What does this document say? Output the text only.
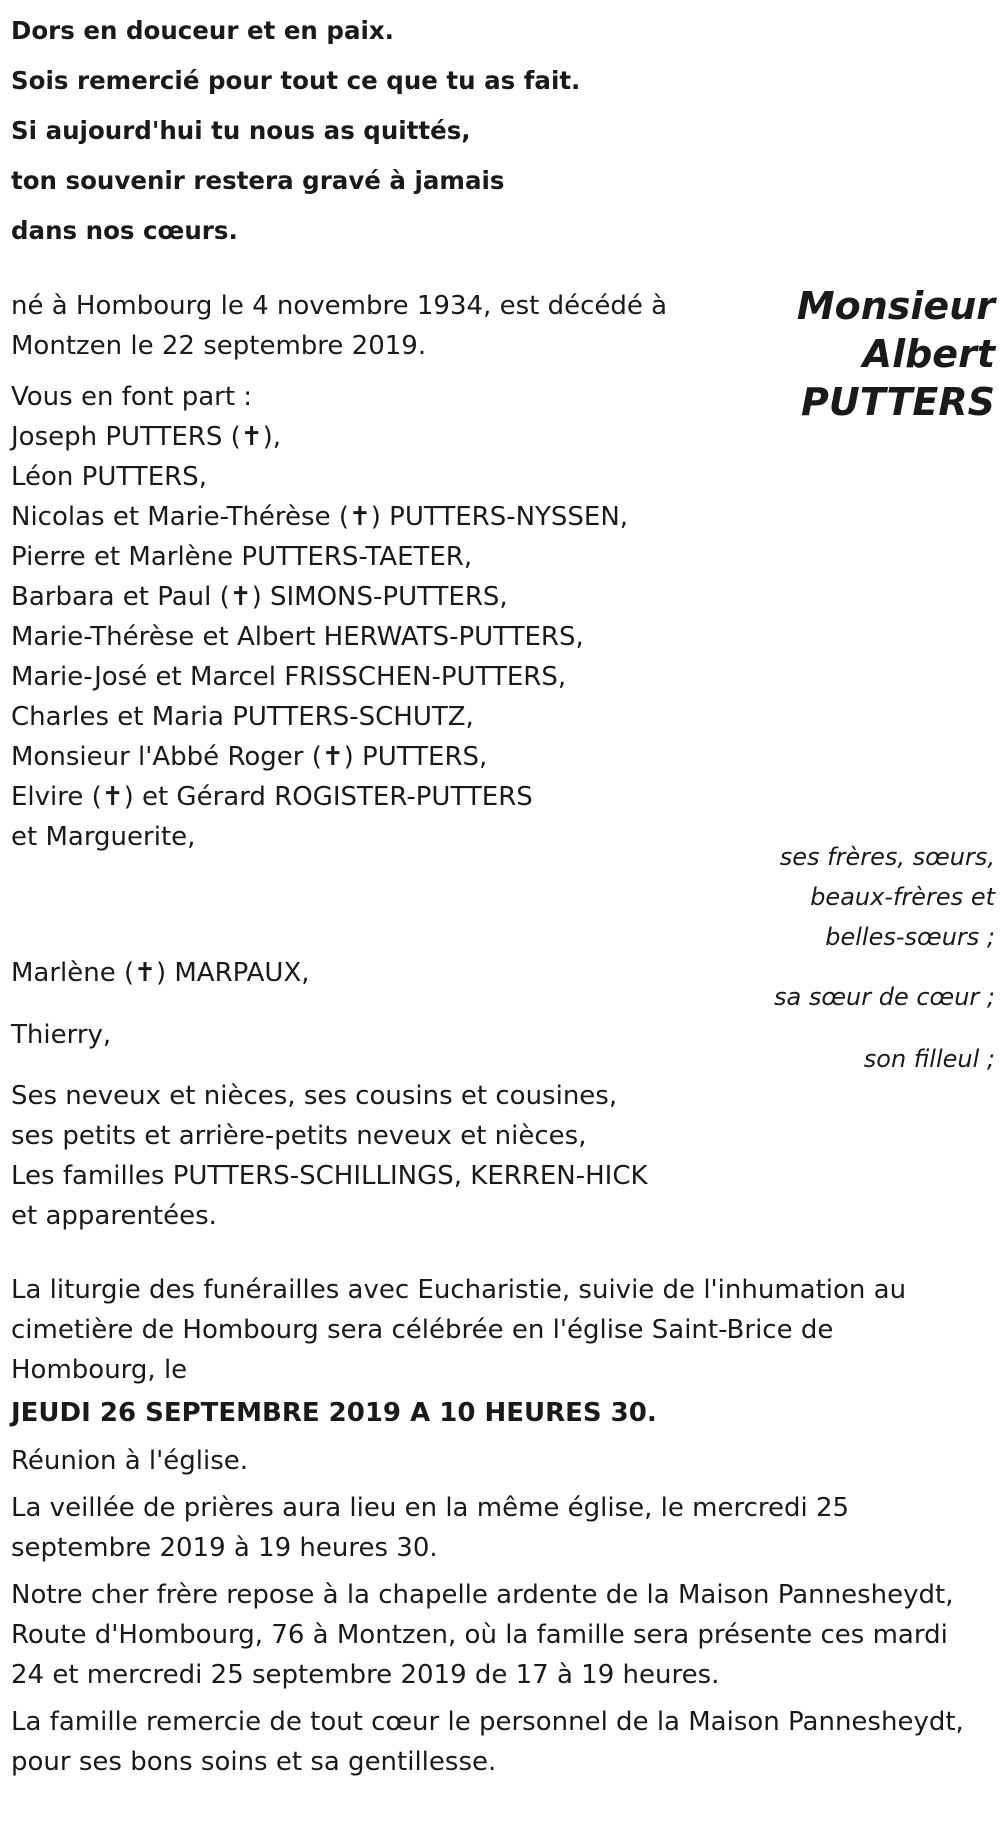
Dors en douceur et en paix.
Sois remercié pour tout ce que tu as fait.
Si aujourd'hui tu nous as quittés,
ton souvenir restera gravé à jamais
dans nos cœurs.
Monsieur
Albert
PUTTERS

né à Hombourg le 4 novembre 1934, est décédé à Montzen le 22 septembre 2019.

Vous en font part :
Joseph PUTTERS (✝),
Léon PUTTERS,
Nicolas et Marie-Thérèse (✝) PUTTERS-NYSSEN,
Pierre et Marlène PUTTERS-TAETER,
Barbara et Paul (✝) SIMONS-PUTTERS,
Marie-Thérèse et Albert HERWATS-PUTTERS,
Marie-José et Marcel FRISSCHEN-PUTTERS,
Charles et Maria PUTTERS-SCHUTZ,
Monsieur l'Abbé Roger (✝) PUTTERS,
Elvire (✝) et Gérard ROGISTER-PUTTERS
et Marguerite,
ses frères, sœurs,
beaux-frères et
belles-sœurs ;
Marlène (✝) MARPAUX,
sa sœur de cœur ;
Thierry,
son filleul ;
Ses neveux et nièces, ses cousins et cousines,
ses petits et arrière-petits neveux et nièces,
Les familles PUTTERS-SCHILLINGS, KERREN-HICK
et apparentées.
La liturgie des funérailles avec Eucharistie, suivie de l'inhumation au
cimetière de Hombourg sera célébrée en l'église Saint-Brice de
Hombourg, le
JEUDI 26 SEPTEMBRE 2019 A 10 HEURES 30.
Réunion à l'église.
La veillée de prières aura lieu en la même église, le mercredi 25
septembre 2019 à 19 heures 30.
Notre cher frère repose à la chapelle ardente de la Maison Pannesheydt,
Route d'Hombourg, 76 à Montzen, où la famille sera présente ces mardi
24 et mercredi 25 septembre 2019 de 17 à 19 heures.
La famille remercie de tout cœur le personnel de la Maison Pannesheydt,
pour ses bons soins et sa gentillesse.
